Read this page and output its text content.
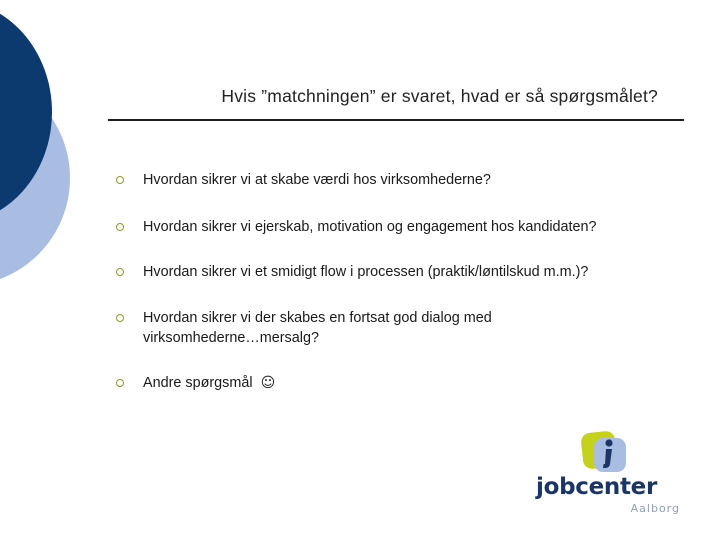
Hvis ”matchningen” er svaret, hvad er så spørgsmålet?
Hvordan sikrer vi at skabe værdi hos virksomhederne?
Hvordan sikrer vi ejerskab, motivation og engagement hos kandidaten?
Hvordan sikrer vi et smidigt flow i processen (praktik/løntilskud m.m.)?
Hvordan sikrer vi der skabes en fortsat god dialog med virksomhederne…mersalg?
Andre spørgsmål ☺
jobcenter
Aalborg
